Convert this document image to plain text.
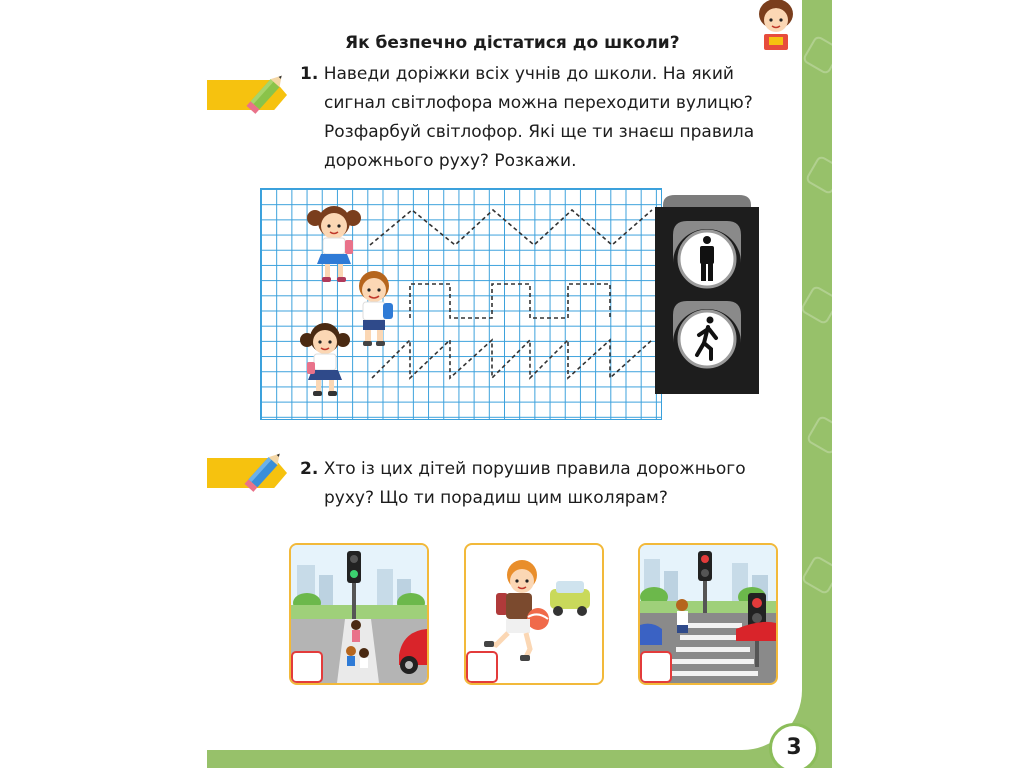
Як безпечно дістатися до школи?
1. Наведи доріжки всіх учнів до школи. На який
сигнал світлофора можна переходити вулицю?
Розфарбуй світлофор. Які ще ти знаєш правила
дорожнього руху? Розкажи.
2. Хто із цих дітей порушив правила дорожнього
руху? Що ти порадиш цим школярам?
3
